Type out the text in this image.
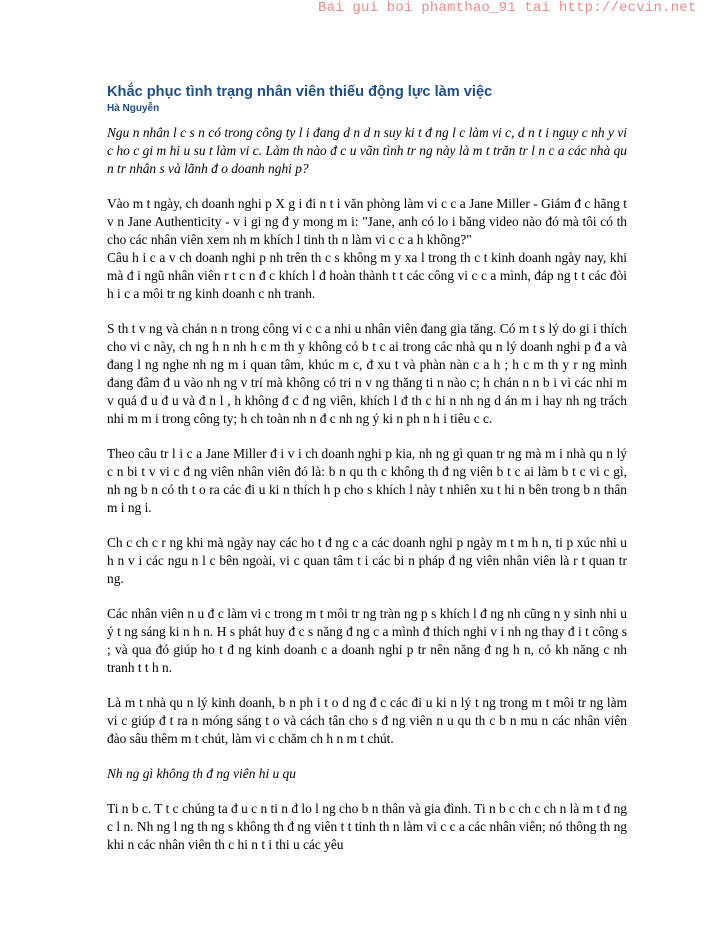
Bai gui boi phamthao_91 tai http://ecvin.net
Khắc phục tình trạng nhân viên thiếu động lực làm việc
Hà Nguyễn

Ngu n nhân l c s n có trong công ty l i đang d n d n suy ki t đ ng l c làm vi c, d n t i nguy c nh y vi c ho c gi m hi u su t làm vi c. Làm th nào đ c u vãn tình tr ng này là m t trăn tr l n c a các nhà qu n tr nhân s và lãnh đ o doanh nghi p?

Vào m t ngày, ch doanh nghi p X g i đi n t i văn phòng làm vi c c a Jane Miller - Giám đ c hãng t v n Jane Authenticity - v i gi ng đ y mong m i: "Jane, anh có lo i băng video nào đó mà tôi có th cho các nhân viên xem nh m khích l tinh th n làm vi c c a h không?"

Câu h i c a v ch doanh nghi p nh trên th c s không m y xa l trong th c t kinh doanh ngày nay, khi mà đ i ngũ nhân viên r t c n đ c khích l đ hoàn thành t t các công vi c c a mình, đáp ng t t các đòi h i c a môi tr ng kinh doanh c nh tranh.

S th t v ng và chán n n trong công vi c c a nhi u nhân viên đang gia tăng. Có m t s lý do gi i thích cho vi c này, ch ng h n nh h c m th y không có b t c ai trong các nhà qu n lý doanh nghi p đ a và đang l ng nghe nh ng m i quan tâm, khúc m c, đ xu t và phàn nàn c a h ; h c m th y r ng mình đang đâm đ u vào nh ng v trí mà không có tri n v ng thăng ti n nào c; h chán n n b i vì các nhi m v quá đ u đ u và đ n l , h không đ c đ ng viên, khích l đ th c hi n nh ng d án m i hay nh ng trách nhi m m i trong công ty; h ch toàn nh n đ c nh ng ý ki n ph n h i tiêu c c.

Theo câu tr l i c a Jane Miller đ i v i ch doanh nghi p kia, nh ng gì quan tr ng mà m i nhà qu n lý c n bi t v vi c đ ng viên nhân viên đó là: b n qu th c không th đ ng viên b t c ai làm b t c vi c gì, nh ng b n có th t o ra các đi u ki n thích h p cho s khích l này t nhiên xu t hi n bên trong b n thân m i ng i.

Ch c ch c r ng khi mà ngày nay các ho t đ ng c a các doanh nghi p ngày m t m h n, ti p xúc nhi u h n v i các ngu n l c bên ngoài, vi c quan tâm t i các bi n pháp đ ng viên nhân viên là r t quan tr ng.

Các nhân viên n u đ c làm vi c trong m t môi tr ng tràn ng p s khích l đ ng nh cũng n y sinh nhi u ý t ng sáng ki n h n. H s phát huy đ c s năng đ ng c a mình đ thích nghi v i nh ng thay đ i t công s ; và qua đó giúp ho t đ ng kinh doanh c a doanh nghi p tr nên năng đ ng h n, có kh năng c nh tranh t t h n.

Là m t nhà qu n lý kinh doanh, b n ph i t o d ng đ c các đi u ki n lý t ng trong m t môi tr ng làm vi c giúp đ t ra n móng sáng t o và cách tân cho s đ ng viên n u qu th c b n mu n các nhân viên đào sâu thêm m t chút, làm vi c chăm ch h n m t chút.

Nh ng gì không th đ ng viên hi u qu

Ti n b c. T t c chúng ta đ u c n ti n đ lo l ng cho b n thân và gia đình. Ti n b c ch c ch n là m t đ ng c l n. Nh ng l ng th ng s không th đ ng viên t t tinh th n làm vi c c a các nhân viên; nó thông th ng khi n các nhân viên th c hi n t i thi u các yêu
